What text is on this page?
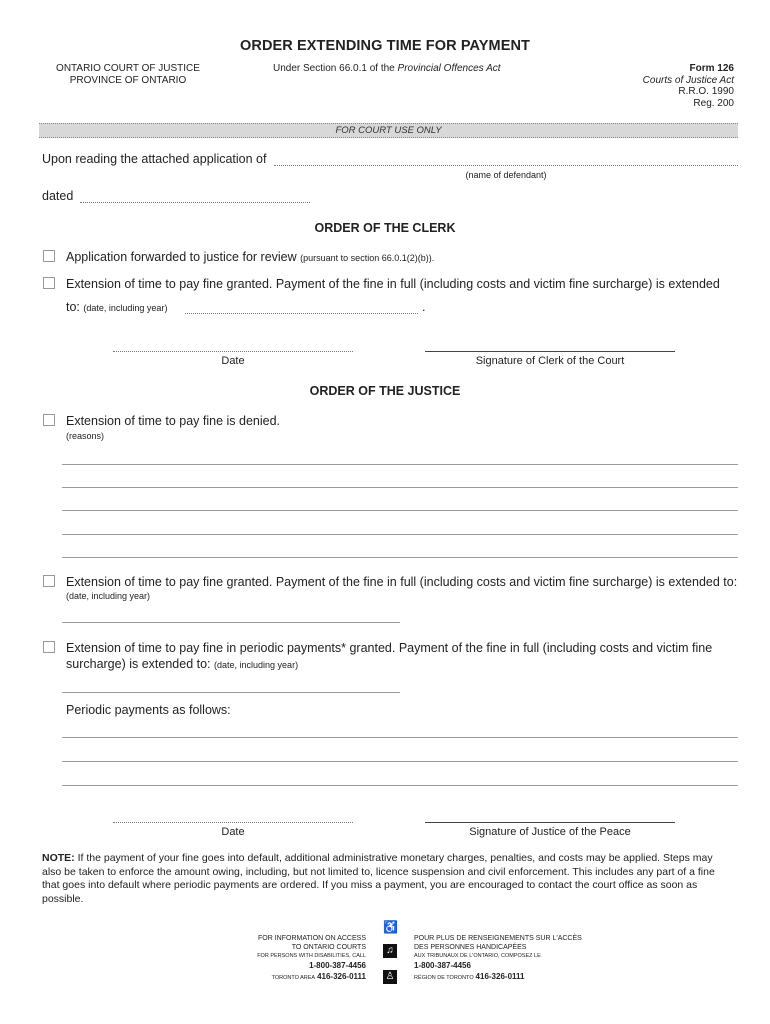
ORDER EXTENDING TIME FOR PAYMENT
ONTARIO COURT OF JUSTICE
PROVINCE OF ONTARIO
Under Section 66.0.1 of the Provincial Offences Act	Form 126
Courts of Justice Act
R.R.O. 1990
Reg. 200
FOR COURT USE ONLY
Upon reading the attached application of
(name of defendant)
dated
ORDER OF THE CLERK
Application forwarded to justice for review (pursuant to section 66.0.1(2)(b)).
Extension of time to pay fine granted. Payment of the fine in full (including costs and victim fine surcharge) is extended
to: (date, including year)	.
Date	Signature of Clerk of the Court
ORDER OF THE JUSTICE
Extension of time to pay fine is denied.
(reasons)
Extension of time to pay fine granted. Payment of the fine in full (including costs and victim fine surcharge) is extended to:
(date, including year)
Extension of time to pay fine in periodic payments* granted. Payment of the fine in full (including costs and victim fine
surcharge) is extended to: (date, including year)
Periodic payments as follows:
Date	Signature of Justice of the Peace
NOTE: If the payment of your fine goes into default, additional administrative monetary charges, penalties, and costs may be applied. Steps may also be taken to enforce the amount owing, including, but not limited to, licence suspension and civil enforcement. This includes any part of a fine that goes into default where periodic payments are ordered. If you miss a payment, you are encouraged to contact the court office as soon as possible.
FOR INFORMATION ON ACCESS
TO ONTARIO COURTS
FOR PERSONS WITH DISABILITIES, CALL
1-800-387-4456
TORONTO AREA 416-326-0111
♿
♫
♙
POUR PLUS DE RENSEIGNEMENTS SUR L'ACCÈS
DES PERSONNES HANDICAPÉES
AUX TRIBUNAUX DE L'ONTARIO, COMPOSEZ LE
1-800-387-4456
RÉGION DE TORONTO 416-326-0111
